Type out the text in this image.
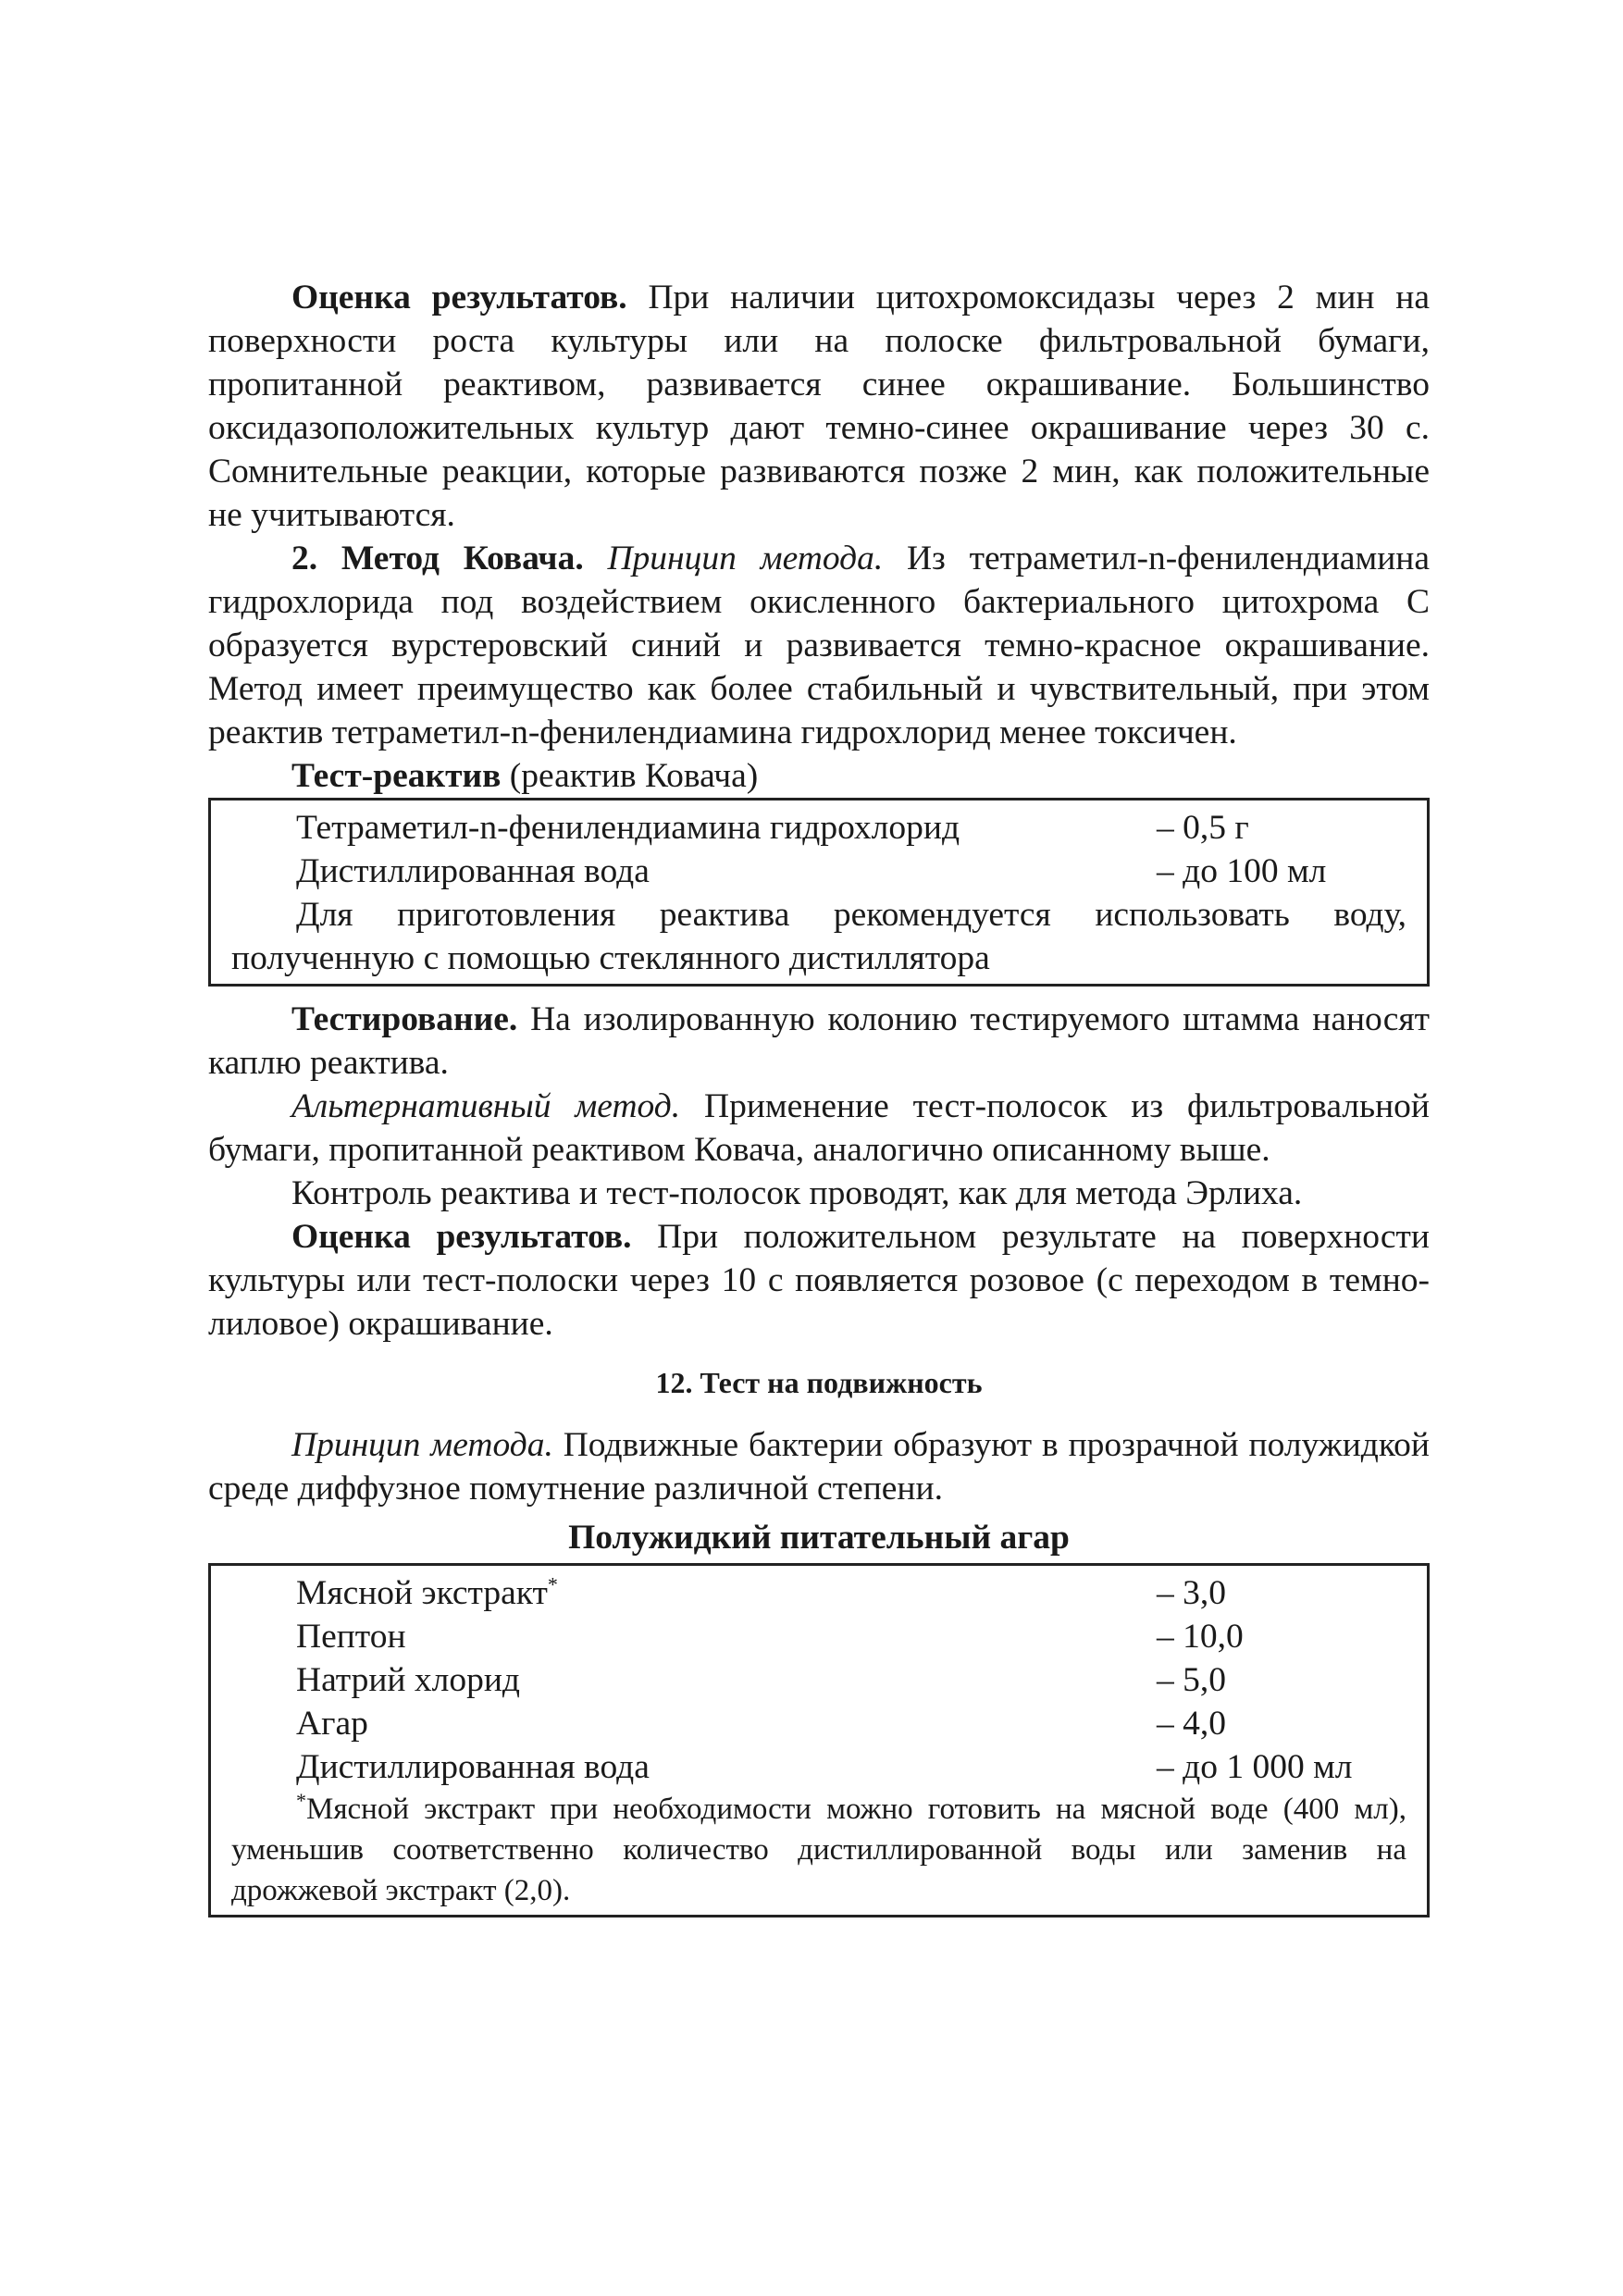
Оценка результатов. При наличии цитохромоксидазы через 2 мин на поверхности роста культуры или на полоске фильтровальной бумаги, пропитанной реактивом, развивается синее окрашивание. Большинство оксидазоположительных культур дают темно-синее окрашивание через 30 с. Сомнительные реакции, которые развиваются позже 2 мин, как положительные не учитываются.

2. Метод Ковача. Принцип метода. Из тетраметил-n-фенилендиамина гидрохлорида под воздействием окисленного бактериального цитохрома С образуется вурстеровский синий и развивается темно-красное окрашивание. Метод имеет преимущество как более стабильный и чувствительный, при этом реактив тетраметил-n-фенилендиамина гидрохлорид менее токсичен.

Тест-реактив (реактив Ковача)

Тетраметил-n-фенилендиамина гидрохлорид	– 0,5 г
Дистиллированная вода	– до 100 мл

Для приготовления реактива рекомендуется использовать воду, полученную с помощью стеклянного дистиллятора

Тестирование. На изолированную колонию тестируемого штамма наносят каплю реактива.

Альтернативный метод. Применение тест-полосок из фильтровальной бумаги, пропитанной реактивом Ковача, аналогично описанному выше.

Контроль реактива и тест-полосок проводят, как для метода Эрлиха.

Оценка результатов. При положительном результате на поверхности культуры или тест-полоски через 10 с появляется розовое (с переходом в темно-лиловое) окрашивание.

12. Тест на подвижность

Принцип метода. Подвижные бактерии образуют в прозрачной полужидкой среде диффузное помутнение различной степени.

Полужидкий питательный агар
Мясной экстракт*	– 3,0
Пептон	– 10,0
Натрий хлорид	– 5,0
Агар	– 4,0
Дистиллированная вода	– до 1 000 мл

*Мясной экстракт при необходимости можно готовить на мясной воде (400 мл), уменьшив соответственно количество дистиллированной воды или заменив на дрожжевой экстракт (2,0).
